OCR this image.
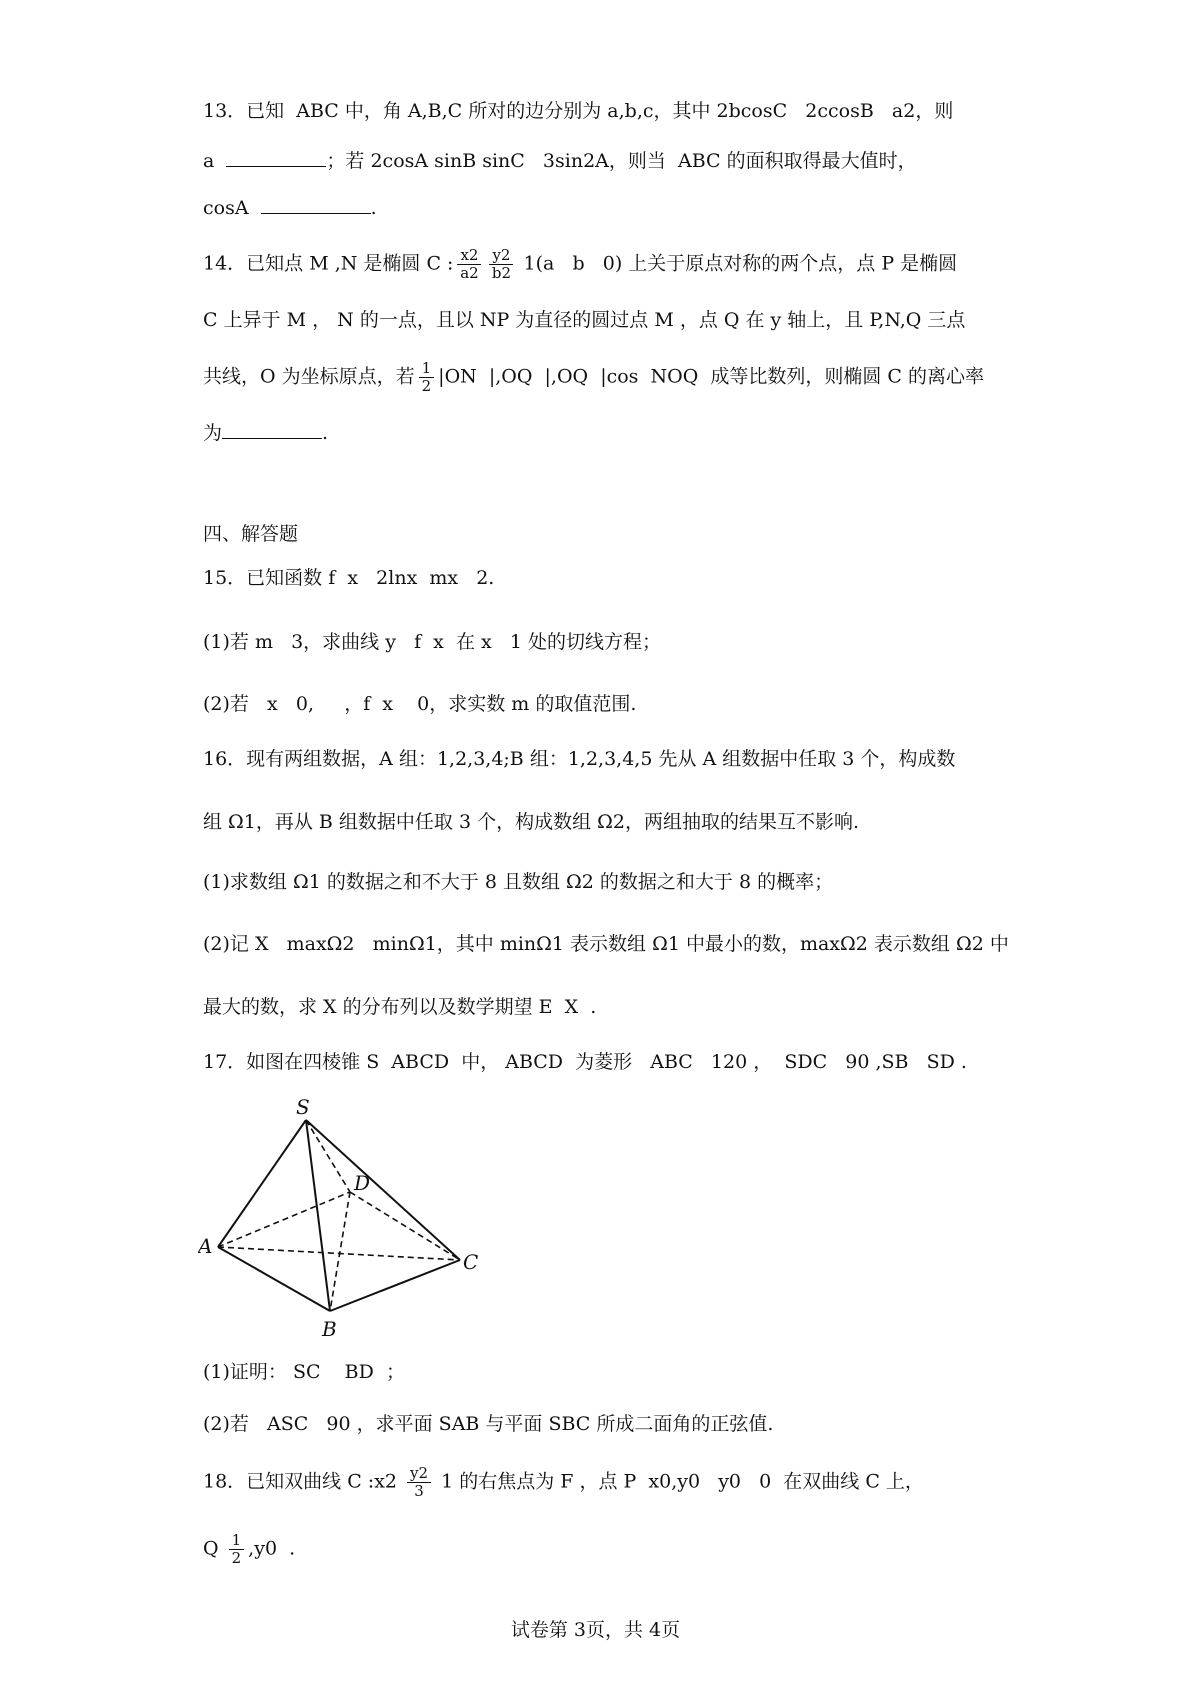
13．已知  ABC 中，角 A,B,C 所对的边分别为 a,b,c，其中 2bcosC   2ccosB   a2，则
a	；若 2cosA sinB sinC   3sin2A，则当  ABC 的面积取得最大值时，
cosA	.
14．已知点 M ,N 是椭圆 C : $\frac{x2}{a2} \frac{y2}{b2} 1(a$   b   0) 上关于原点对称的两个点，点 P 是椭圆
C 上异于 M ， N 的一点，且以 NP 为直径的圆过点 M ，点 Q 在 y 轴上，且 P,N,Q 三点
共线，O 为坐标原点，若 $\frac{1}{2} |ON$  |,OQ  |,OQ  |cos  NOQ  成等比数列，则椭圆 C 的离心率
为	.
四、解答题
15．已知函数 f  x   2lnx  mx   2.
(1)若 m   3，求曲线 y   f  x  在 x   1 处的切线方程；
(2)若   x   0,     ，f  x    0，求实数 m 的取值范围.
16．现有两组数据，A 组：1,2,3,4;B 组：1,2,3,4,5 先从 A 组数据中任取 3 个，构成数
组 Ω1，再从 B 组数据中任取 3 个，构成数组 Ω2，两组抽取的结果互不影响.
(1)求数组 Ω1 的数据之和不大于 8 且数组 Ω2 的数据之和大于 8 的概率；
(2)记 X   maxΩ2   minΩ1，其中 minΩ1 表示数组 Ω1 中最小的数，maxΩ2 表示数组 Ω2 中
最大的数，求 X 的分布列以及数学期望 E  X  .
17．如图在四棱锥 S  ABCD  中， ABCD  为菱形   ABC   120 ，  SDC   90 ,SB   SD .
S
D
A
C
B
(1)证明： SC    BD  ；
(2)若   ASC   90 ，求平面 SAB 与平面 SBC 所成二面角的正弦值.
18．已知双曲线 C :x2 $\frac{y2}{3} 1$ 的右焦点为 F ，点 P  x0,y0   y0   0  在双曲线 C 上，
Q $\frac{1}{2} ,y0$  .
试卷第 3页，共 4页
